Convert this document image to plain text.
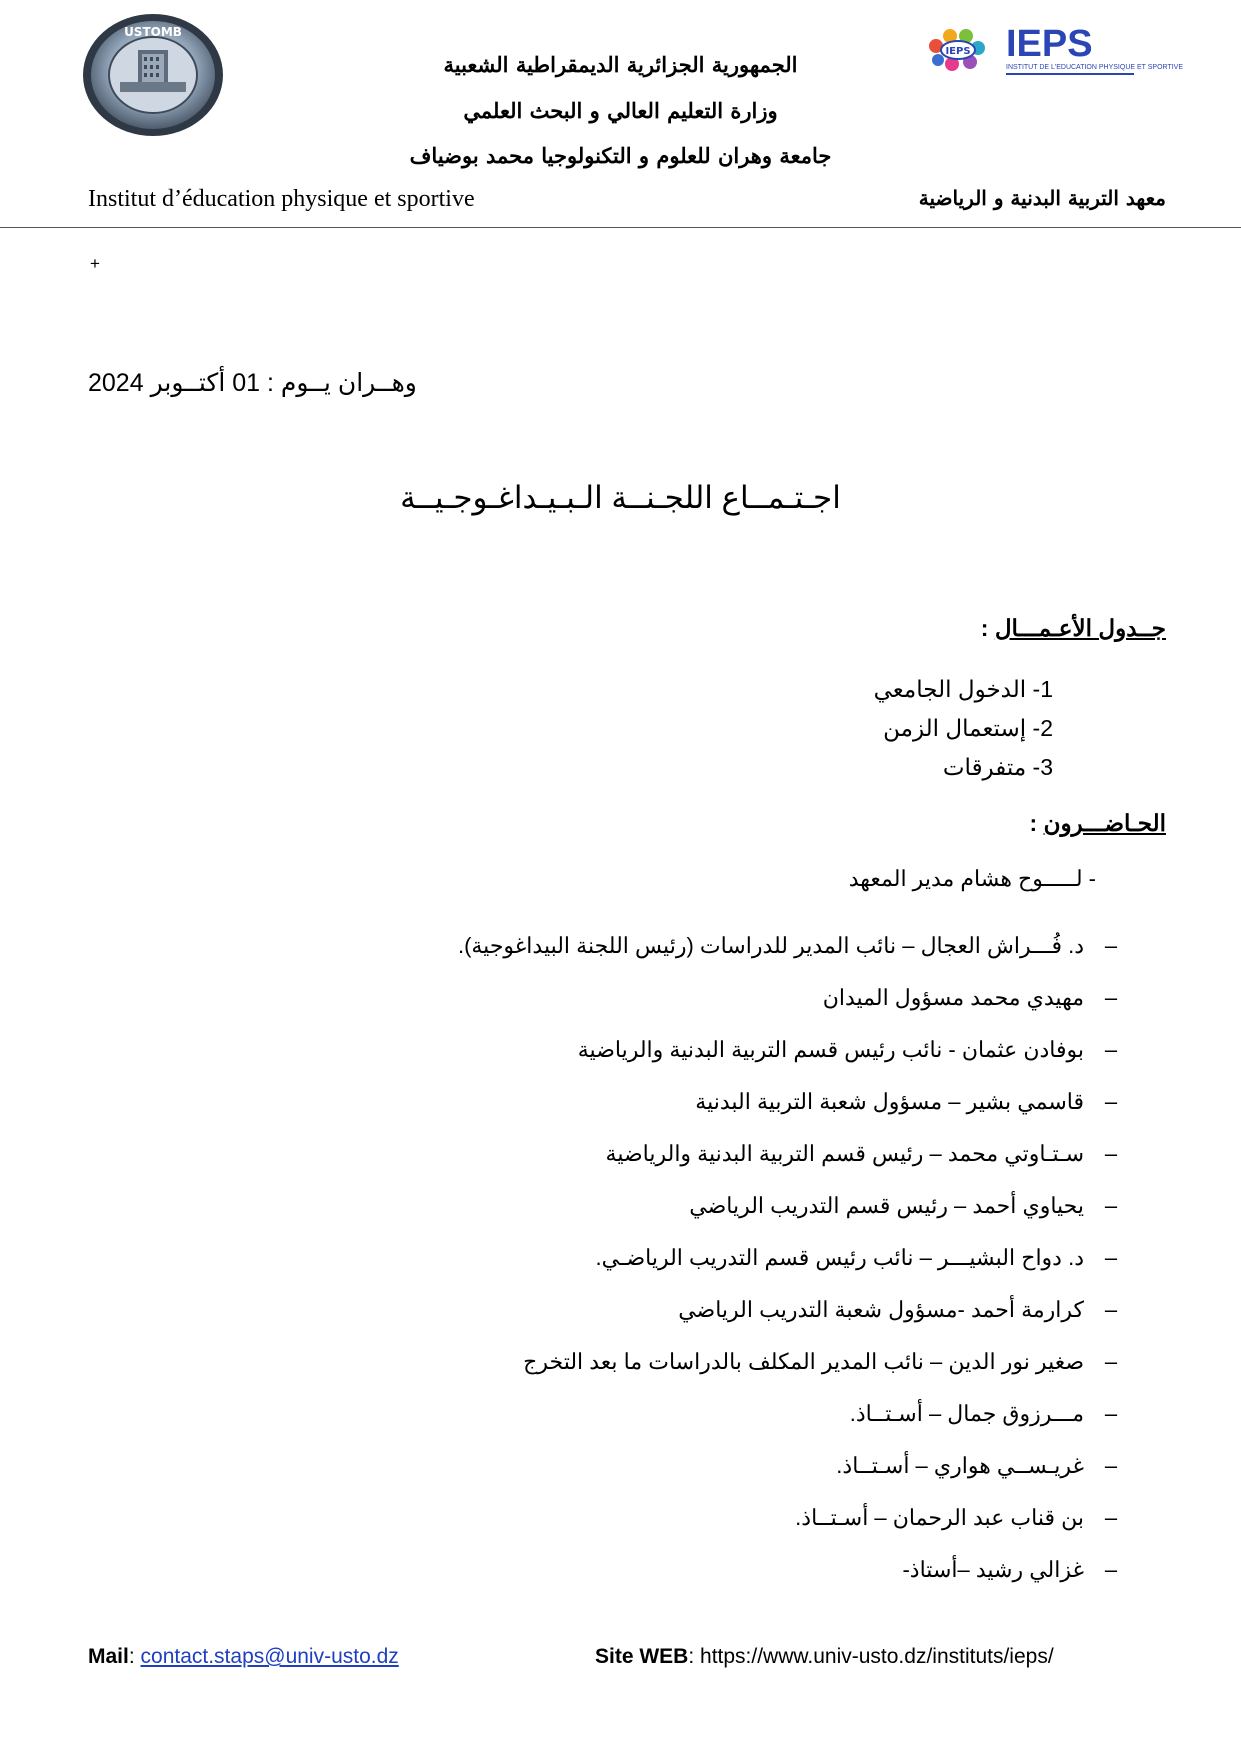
USTOMB
IEPS IEPS
INSTITUT DE L'EDUCATION PHYSIQUE ET SPORTIVE
الجمهورية الجزائرية الديمقراطية الشعبية
وزارة التعليم العالي و البحث العلمي
جامعة وهران للعلوم و التكنولوجيا محمد بوضياف
Institut d’éducation physique et sportive	معهد التربية البدنية و الرياضية
+
وهــران يــوم : 01 أكتــوبر 2024
اجـتـمــاع اللجـنــة الـبـيـداغـوجـيــة
جــدول الأعـمـــال :
1- الدخول الجامعي
2- إستعمال الزمن
3- متفرقات
الحـاضـــرون :
- لـــــوح هشام مدير المعهد
–د. فُـــراش العجال – نائب المدير للدراسات (رئيس اللجنة البيداغوجية).
–مهيدي محمد مسؤول الميدان
–بوفادن عثمان - نائب رئيس قسم التربية البدنية والرياضية
–قاسمي بشير – مسؤول شعبة التربية البدنية
–سـتـاوتي محمد – رئيس قسم التربية البدنية والرياضية
–يحياوي أحمد – رئيس قسم التدريب الرياضي
–د. دواح البشيـــر – نائب رئيس قسم التدريب الرياضـي.
–كرارمة أحمد -مسؤول شعبة التدريب الرياضي
–صغير نور الدين – نائب المدير المكلف بالدراسات ما بعد التخرج
–مـــرزوق جمال – أسـتــاذ.
–غريـســي هواري – أسـتــاذ.
–بن قناب عبد الرحمان – أسـتــاذ.
–غزالي رشيد –أستاذ-
Mail: contact.staps@univ-usto.dz	Site WEB: https://www.univ-usto.dz/instituts/ieps/
